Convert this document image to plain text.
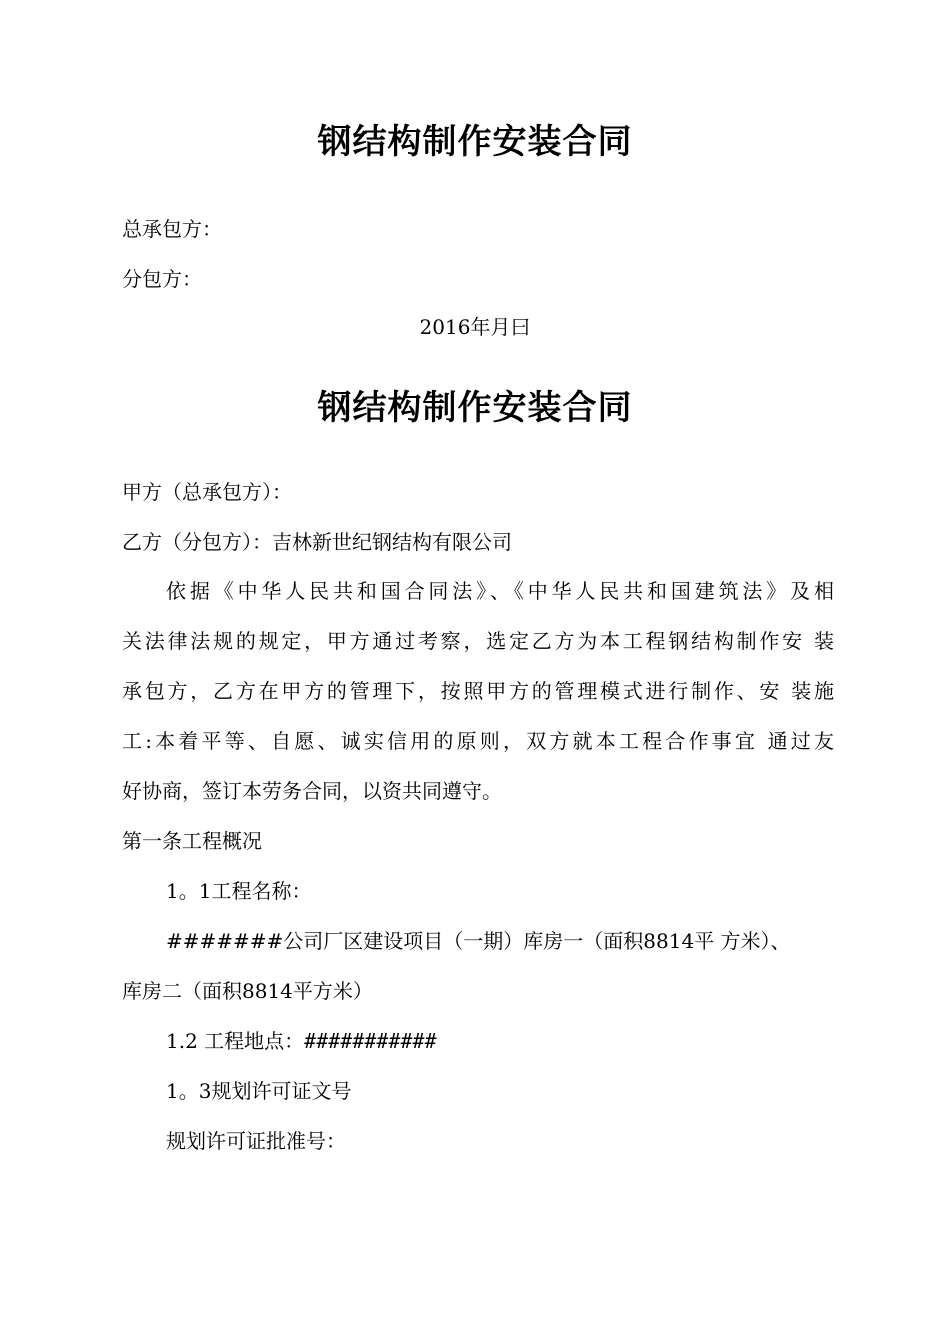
钢结构制作安装合同
总承包方：
分包方：
2016年月曰
钢结构制作安装合同
甲方（总承包方）：
乙方（分包方）：吉林新世纪钢结构有限公司
依据《中华人民共和国合同法》、《中华人民共和国建筑法》及相
关法律法规的规定，甲方通过考察，选定乙方为本工程钢结构制作安 装
承包方，乙方在甲方的管理下，按照甲方的管理模式进行制作、安 装施
工:本着平等、自愿、诚实信用的原则，双方就本工程合作事宜 通过友
好协商，签订本劳务合同，以资共同遵守。
第一条工程概况
1。1工程名称：
#######公司厂区建设项目（一期）库房一（面积8814平 方米）、
库房二（面积8814平方米）
1.2 工程地点：###########
1。3规划许可证文号
规划许可证批准号：
